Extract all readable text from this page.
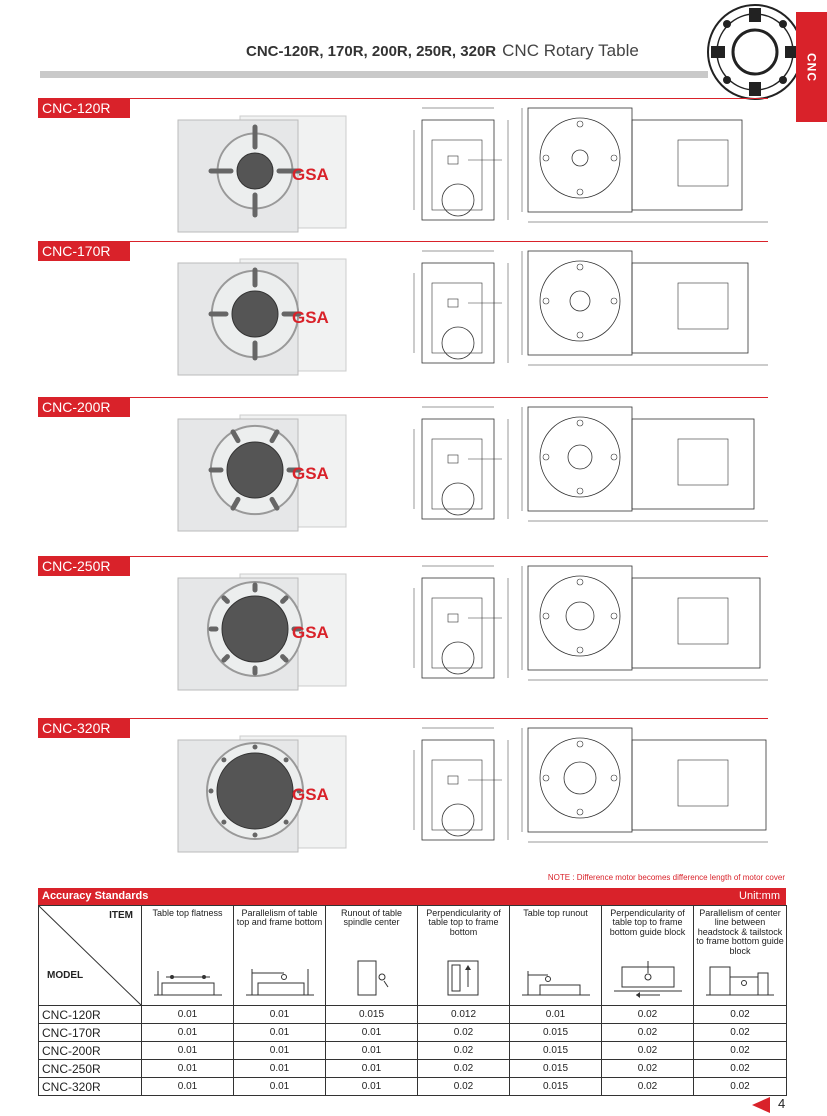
CNC-120R, 170R, 200R, 250R, 320R CNC Rotary Table
CNC
CNC-120R
GSA
CNC-170R
GSA
CNC-200R
GSA
CNC-250R
GSA
CNC-320R
GSA
NOTE : Difference motor becomes difference length of motor cover
Accuracy Standards	Unit:mm
ITEM
MODEL	Table top flatness	Parallelism of table top and frame bottom	Runout of table spindle center	Perpendicularity of table top to frame bottom	Table top runout	Perpendicularity of table top to frame bottom guide block	Parallelism of center line between headstock & tailstock to frame bottom guide block

CNC-120R	0.01	0.01	0.015	0.012	0.01	0.02	0.02
CNC-170R	0.01	0.01	0.01	0.02	0.015	0.02	0.02
CNC-200R	0.01	0.01	0.01	0.02	0.015	0.02	0.02
CNC-250R	0.01	0.01	0.01	0.02	0.015	0.02	0.02
CNC-320R	0.01	0.01	0.01	0.02	0.015	0.02	0.02
4
